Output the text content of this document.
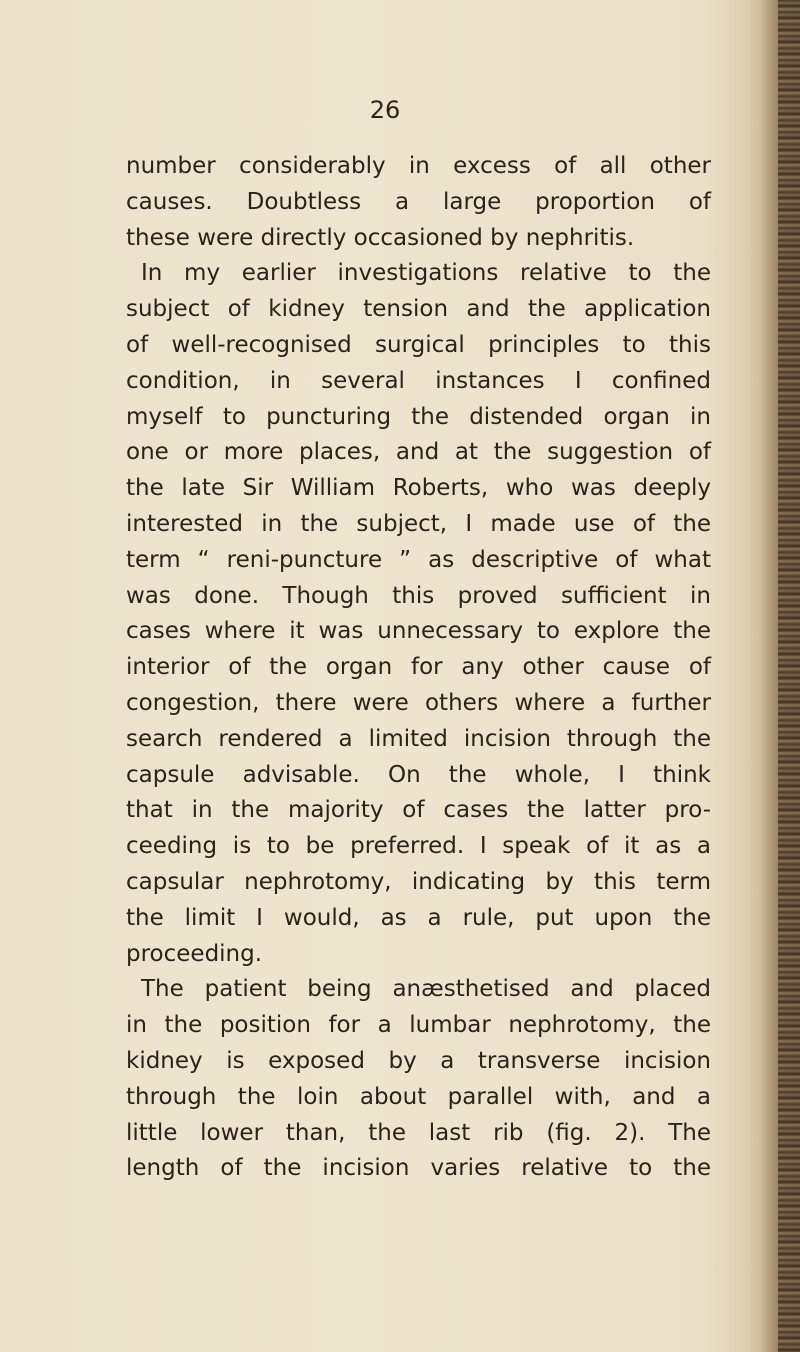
26
number considerably in excess of all other
causes. Doubtless a large proportion of
these were directly occasioned by nephritis.
In my earlier investigations relative to the
subject of kidney tension and the application
of well-recognised surgical principles to this
condition, in several instances I confined
myself to puncturing the distended organ in
one or more places, and at the suggestion of
the late Sir William Roberts, who was deeply
interested in the subject, I made use of the
term “ reni-puncture ” as descriptive of what
was done. Though this proved sufficient in
cases where it was unnecessary to explore the
interior of the organ for any other cause of
congestion, there were others where a further
search rendered a limited incision through the
capsule advisable. On the whole, I think
that in the majority of cases the latter pro-
ceeding is to be preferred. I speak of it as a
capsular nephrotomy, indicating by this term
the limit I would, as a rule, put upon the
proceeding.
The patient being anæsthetised and placed
in the position for a lumbar nephrotomy, the
kidney is exposed by a transverse incision
through the loin about parallel with, and a
little lower than, the last rib (fig. 2). The
length of the incision varies relative to the
